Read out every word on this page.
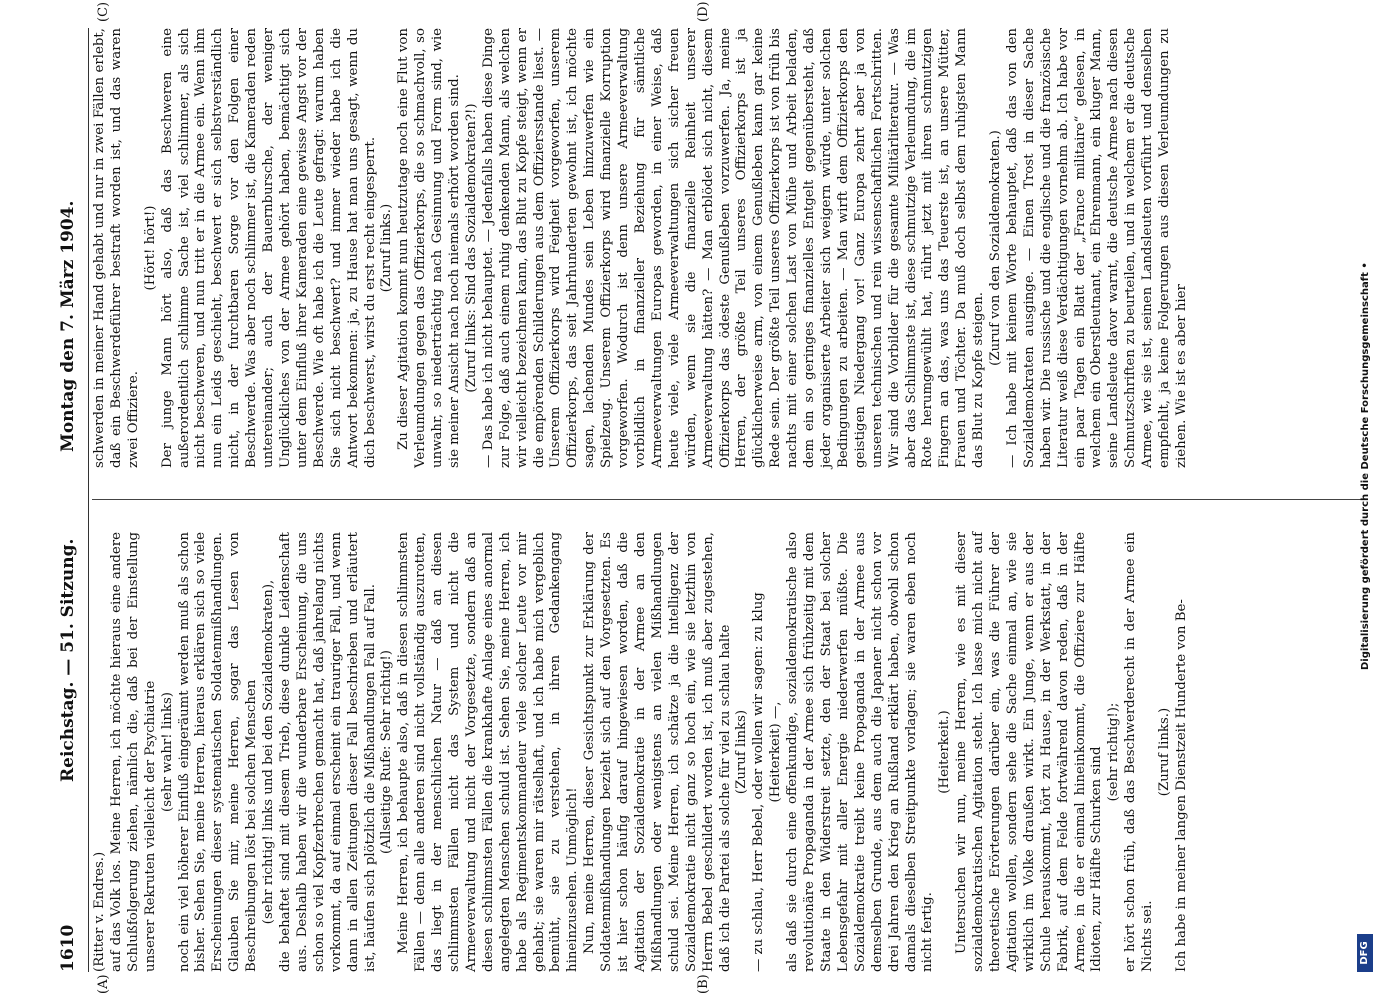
1610
Reichstag. — 51. Sitzung.
Montag den 7. März 1904.
(A)	(B)
(C)	(D)

(Ritter v. Endres.) auf das Volk los. Meine Herren, ich möchte hieraus eine andere Schlußfolgerung ziehen, nämlich die, daß bei der Einstellung unserer Rekruten vielleicht der Psychiatrie (sehr wahr! links) noch ein viel höherer Einfluß eingeräumt werden muß als schon bisher. Sehen Sie, meine Herren, hieraus erklären sich so viele Erscheinungen dieser systematischen Soldatenmißhandlungen. Glauben Sie mir, meine Herren, sogar das Lesen von Beschreibungen löst bei solchen Menschen (sehr richtig! links und bei den Sozialdemokraten), die behaftet sind mit diesem Trieb, diese dunkle Leidenschaft aus. Deshalb haben wir die wunderbare Erscheinung, die uns schon so viel Kopfzerbrechen gemacht hat, daß jahrelang nichts vorkommt, da auf einmal erscheint ein trauriger Fall, und wenn dann in allen Zeitungen dieser Fall beschrieben und erläutert ist, häufen sich plötzlich die Mißhandlungen Fall auf Fall. (Allseitige Rufe: Sehr richtig!) Meine Herren, ich behaupte also, daß in diesen schlimmsten Fällen — denn alle anderen sind nicht vollständig auszurotten, das liegt in der menschlichen Natur — daß an diesen schlimmsten Fällen nicht das System und nicht die Armeeverwaltung und nicht der Vorgesetzte, sondern daß an diesen schlimmsten Fällen die krankhafte Anlage eines anormal angelegten Menschen schuld ist. Sehen Sie, meine Herren, ich habe als Regimentskommandeur viele solcher Leute vor mir gehabt; sie waren mir rätselhaft, und ich habe mich vergeblich bemüht, sie zu verstehen, in ihren Gedankengang hineinzusehen. Unmöglich! Nun, meine Herren, dieser Gesichtspunkt zur Erklärung der Soldatenmißhandlungen bezieht sich auf den Vorgesetzten. Es ist hier schon häufig darauf hingewiesen worden, daß die Agitation der Sozialdemokratie in der Armee an den Mißhandlungen oder wenigstens an vielen Mißhandlungen schuld sei. Meine Herren, ich schätze ja die Intelligenz der Sozialdemokratie nicht ganz so hoch ein, wie sie letzthin von Herrn Bebel geschildert worden ist, ich muß aber zugestehen, daß ich die Partei als solche für viel zu schlau halte (Zuruf links) — zu schlau, Herr Bebel, oder wollen wir sagen: zu klug (Heiterkeit) —, als daß sie durch eine offenkundige, sozialdemokratische also revolutionäre Propaganda in der Armee sich frühzeitig mit dem Staate in den Widerstreit setzte, den der Staat bei solcher Lebensgefahr mit aller Energie niederwerfen müßte. Die Sozialdemokratie treibt keine Propaganda in der Armee aus demselben Grunde, aus dem auch die Japaner nicht schon vor drei Jahren den Krieg an Rußland erklärt haben, obwohl schon damals dieselben Streitpunkte vorlagen; sie waren eben noch nicht fertig.

(Heiterkeit.) Untersuchen wir nun, meine Herren, wie es mit dieser sozialdemokratischen Agitation steht. Ich lasse mich nicht auf theoretische Erörterungen darüber ein, was die Führer der Agitation wollen, sondern sehe die Sache einmal an, wie sie wirklich im Volke draußen wirkt. Ein Junge, wenn er aus der Schule herauskommt, hört zu Hause, in der Werkstatt, in der Fabrik, auf dem Felde fortwährend davon reden, daß in der Armee, in die er einmal hineinkommt, die Offiziere zur Hälfte Idioten, zur Hälfte Schurken sind (sehr richtig!); er hört schon früh, daß das Beschwerderecht in der Armee ein Nichts sei.

(Zuruf links.) Ich habe in meiner langen Dienstzeit Hunderte von Be-

schwerden in meiner Hand gehabt und nur in zwei Fällen erlebt, daß ein Beschwerdeführer bestraft worden ist, und das waren zwei Offiziere.

(Hört! hört!) Der junge Mann hört also, daß das Beschweren eine außerordentlich schlimme Sache ist, viel schlimmer, als sich nicht beschweren, und nun tritt er in die Armee ein. Wenn ihm nun ein Leids geschieht, beschwert er sich selbstverständlich nicht, in der furchtbaren Sorge vor den Folgen einer Beschwerde. Was aber noch schlimmer ist, die Kameraden reden untereinander; auch der Bauernbursche, der weniger Unglückliches von der Armee gehört haben, bemächtigt sich unter dem Einfluß ihrer Kameraden eine gewisse Angst vor der Beschwerde. Wie oft habe ich die Leute gefragt: warum haben Sie sich nicht beschwert? und immer wieder habe ich die Antwort bekommen: ja, zu Hause hat man uns gesagt, wenn du dich beschwerst, wirst du erst recht eingesperrt. (Zuruf links.) Zu dieser Agitation kommt nun heutzutage noch eine Flut von Verleumdungen gegen das Offizierkorps, die so schmachvoll, so unwahr, so niederträchtig nach Gesinnung und Form sind, wie sie meiner Ansicht nach noch niemals erhört worden sind. (Zuruf links: Sind das Sozialdemokraten?!) — Das habe ich nicht behauptet. — Jedenfalls haben diese Dinge zur Folge, daß auch einem ruhig denkenden Mann, als welchen wir vielleicht bezeichnen kann, das Blut zu Kopfe steigt, wenn er die empörenden Schilderungen aus dem Offiziersstande liest. — Unserem Offizierkorps wird Feigheit vorgeworfen, unserem Offizierkorps, das seit Jahrhunderten gewohnt ist, ich möchte sagen, lachenden Mundes sein Leben hinzuwerfen wie ein Spielzeug. Unserem Offizierkorps wird finanzielle Korruption vorgeworfen. Wodurch ist denn unsere Armeeverwaltung vorbildlich in finanzieller Beziehung für sämtliche Armeeverwaltungen Europas geworden, in einer Weise, daß heute viele, viele Armeeverwaltungen sich sicher freuen würden, wenn sie die finanzielle Reinheit unserer Armeeverwaltung hätten? — Man erblödet sich nicht, diesem Offizierkorps das ödeste Genußleben vorzuwerfen. Ja, meine Herren, der größte Teil unseres Offizierkorps ist ja glücklicherweise arm, von einem Genußleben kann gar keine Rede sein. Der größte Teil unseres Offizierkorps ist von früh bis nachts mit einer solchen Last von Mühe und Arbeit beladen, dem ein so geringes finanzielles Entgelt gegenübersteht, daß jeder organisierte Arbeiter sich weigern würde, unter solchen Bedingungen zu arbeiten. — Man wirft dem Offizierkorps den geistigen Niedergang vor! Ganz Europa zehrt aber ja von unseren technischen und rein wissenschaftlichen Fortschritten. Wir sind die Vorbilder für die gesamte Militärliteratur. — Was aber das Schlimmste ist, diese schmutzige Verleumdung, die im Rote herumgewühlt hat, rührt jetzt mit ihren schmutzigen Fingern an das, was uns das Teuerste ist, an unsere Mütter, Frauen und Töchter. Da muß doch selbst dem ruhigsten Mann das Blut zu Kopfe steigen.

(Zuruf von den Sozialdemokraten.) — Ich habe mit keinem Worte behauptet, daß das von den Sozialdemokraten ausginge. — Einen Trost in dieser Sache haben wir. Die russische und die englische und die französische Literatur weiß diese Verdächtigungen vornehm ab. Ich habe vor ein paar Tagen ein Blatt der „France militaire“ gelesen, in welchem ein Oberstleutnant, ein Ehrenmann, ein kluger Mann, seine Landsleute davor warnt, die deutsche Armee nach diesen Schmutzschriften zu beurteilen, und in welchem er die deutsche Armee, wie sie ist, seinen Landsleuten vorführt und denselben empfiehlt, ja keine Folgerungen aus diesen Verleumdungen zu ziehen. Wie ist es aber hier

DFG
Digitalisierung gefördert durch die Deutsche Forschungsgemeinschaft •
